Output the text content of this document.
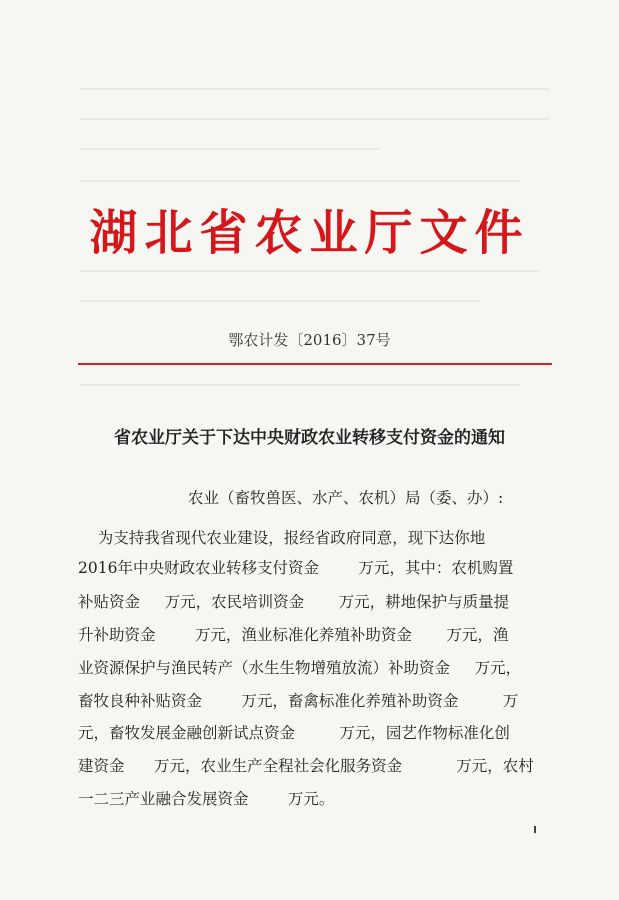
湖北省农业厅文件
鄂农计发〔2016〕37号
省农业厅关于下达中央财政农业转移支付资金的通知
农业（畜牧兽医、水产、农机）局（委、办）:
为支持我省现代农业建设，报经省政府同意，现下达你地
2016年中央财政农业转移支付资金        万元，其中：农机购置
补贴资金     万元，农民培训资金       万元，耕地保护与质量提
升补助资金        万元，渔业标准化养殖补助资金       万元，渔
业资源保护与渔民转产（水生生物增殖放流）补助资金     万元，
畜牧良种补贴资金        万元，畜禽标准化养殖补助资金         万
元，畜牧发展金融创新试点资金         万元，园艺作物标准化创
建资金      万元，农业生产全程社会化服务资金           万元，农村
一二三产业融合发展资金        万元。
